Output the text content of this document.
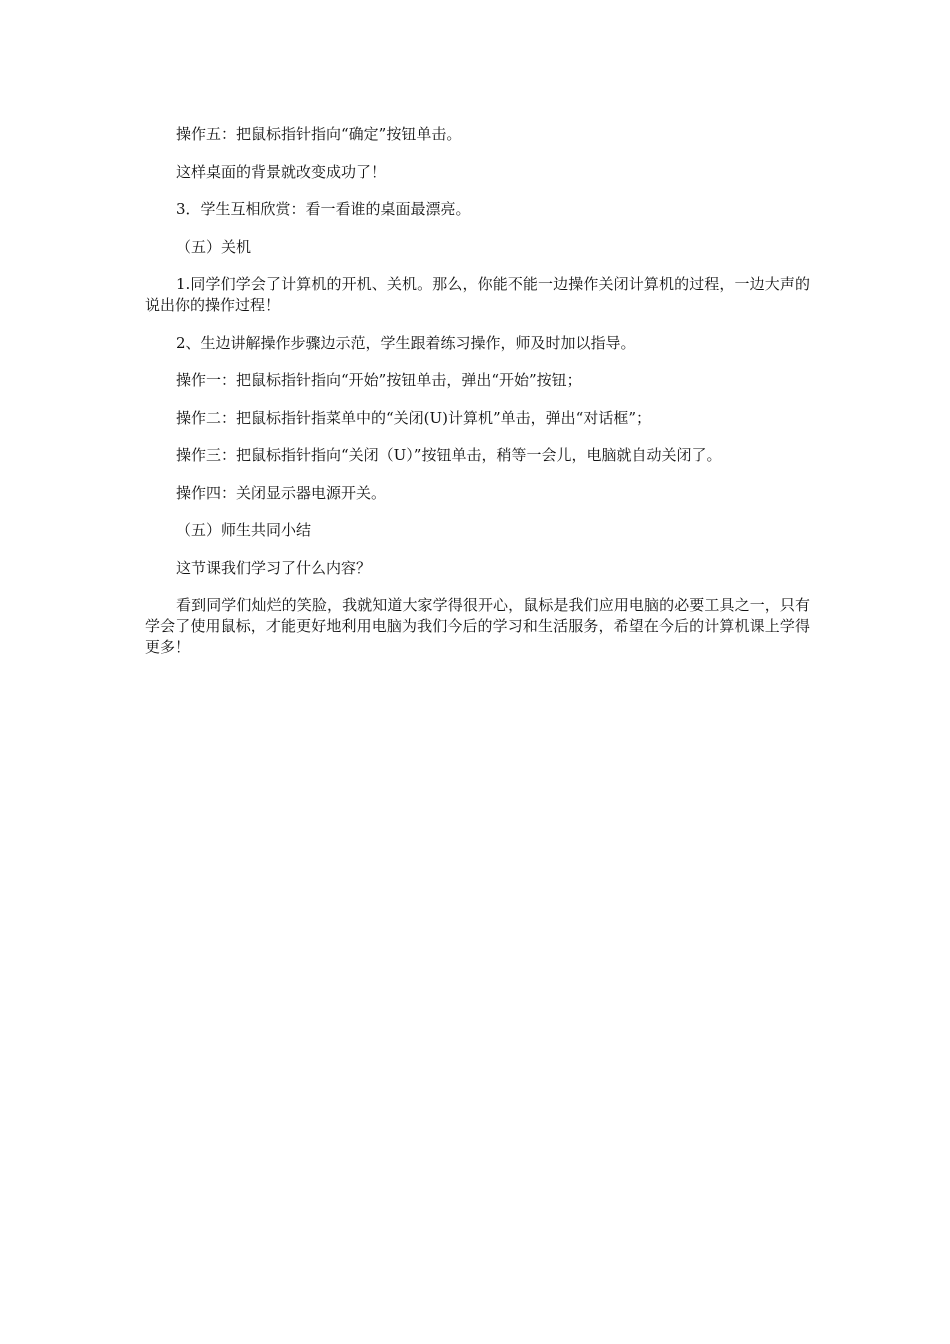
操作五：把鼠标指针指向“确定”按钮单击。

这样桌面的背景就改变成功了！

3．学生互相欣赏：看一看谁的桌面最漂亮。

（五）关机

1.同学们学会了计算机的开机、关机。那么，你能不能一边操作关闭计算机的过程，一边大声的说出你的操作过程！

2、生边讲解操作步骤边示范，学生跟着练习操作，师及时加以指导。

操作一：把鼠标指针指向“开始”按钮单击，弹出“开始”按钮；

操作二：把鼠标指针指菜单中的“关闭(U)计算机”单击，弹出“对话框”；

操作三：把鼠标指针指向“关闭（U）”按钮单击，稍等一会儿，电脑就自动关闭了。

操作四：关闭显示器电源开关。

（五）师生共同小结

这节课我们学习了什么内容？

看到同学们灿烂的笑脸，我就知道大家学得很开心，鼠标是我们应用电脑的必要工具之一，只有学会了使用鼠标，才能更好地利用电脑为我们今后的学习和生活服务，希望在今后的计算机课上学得更多！
